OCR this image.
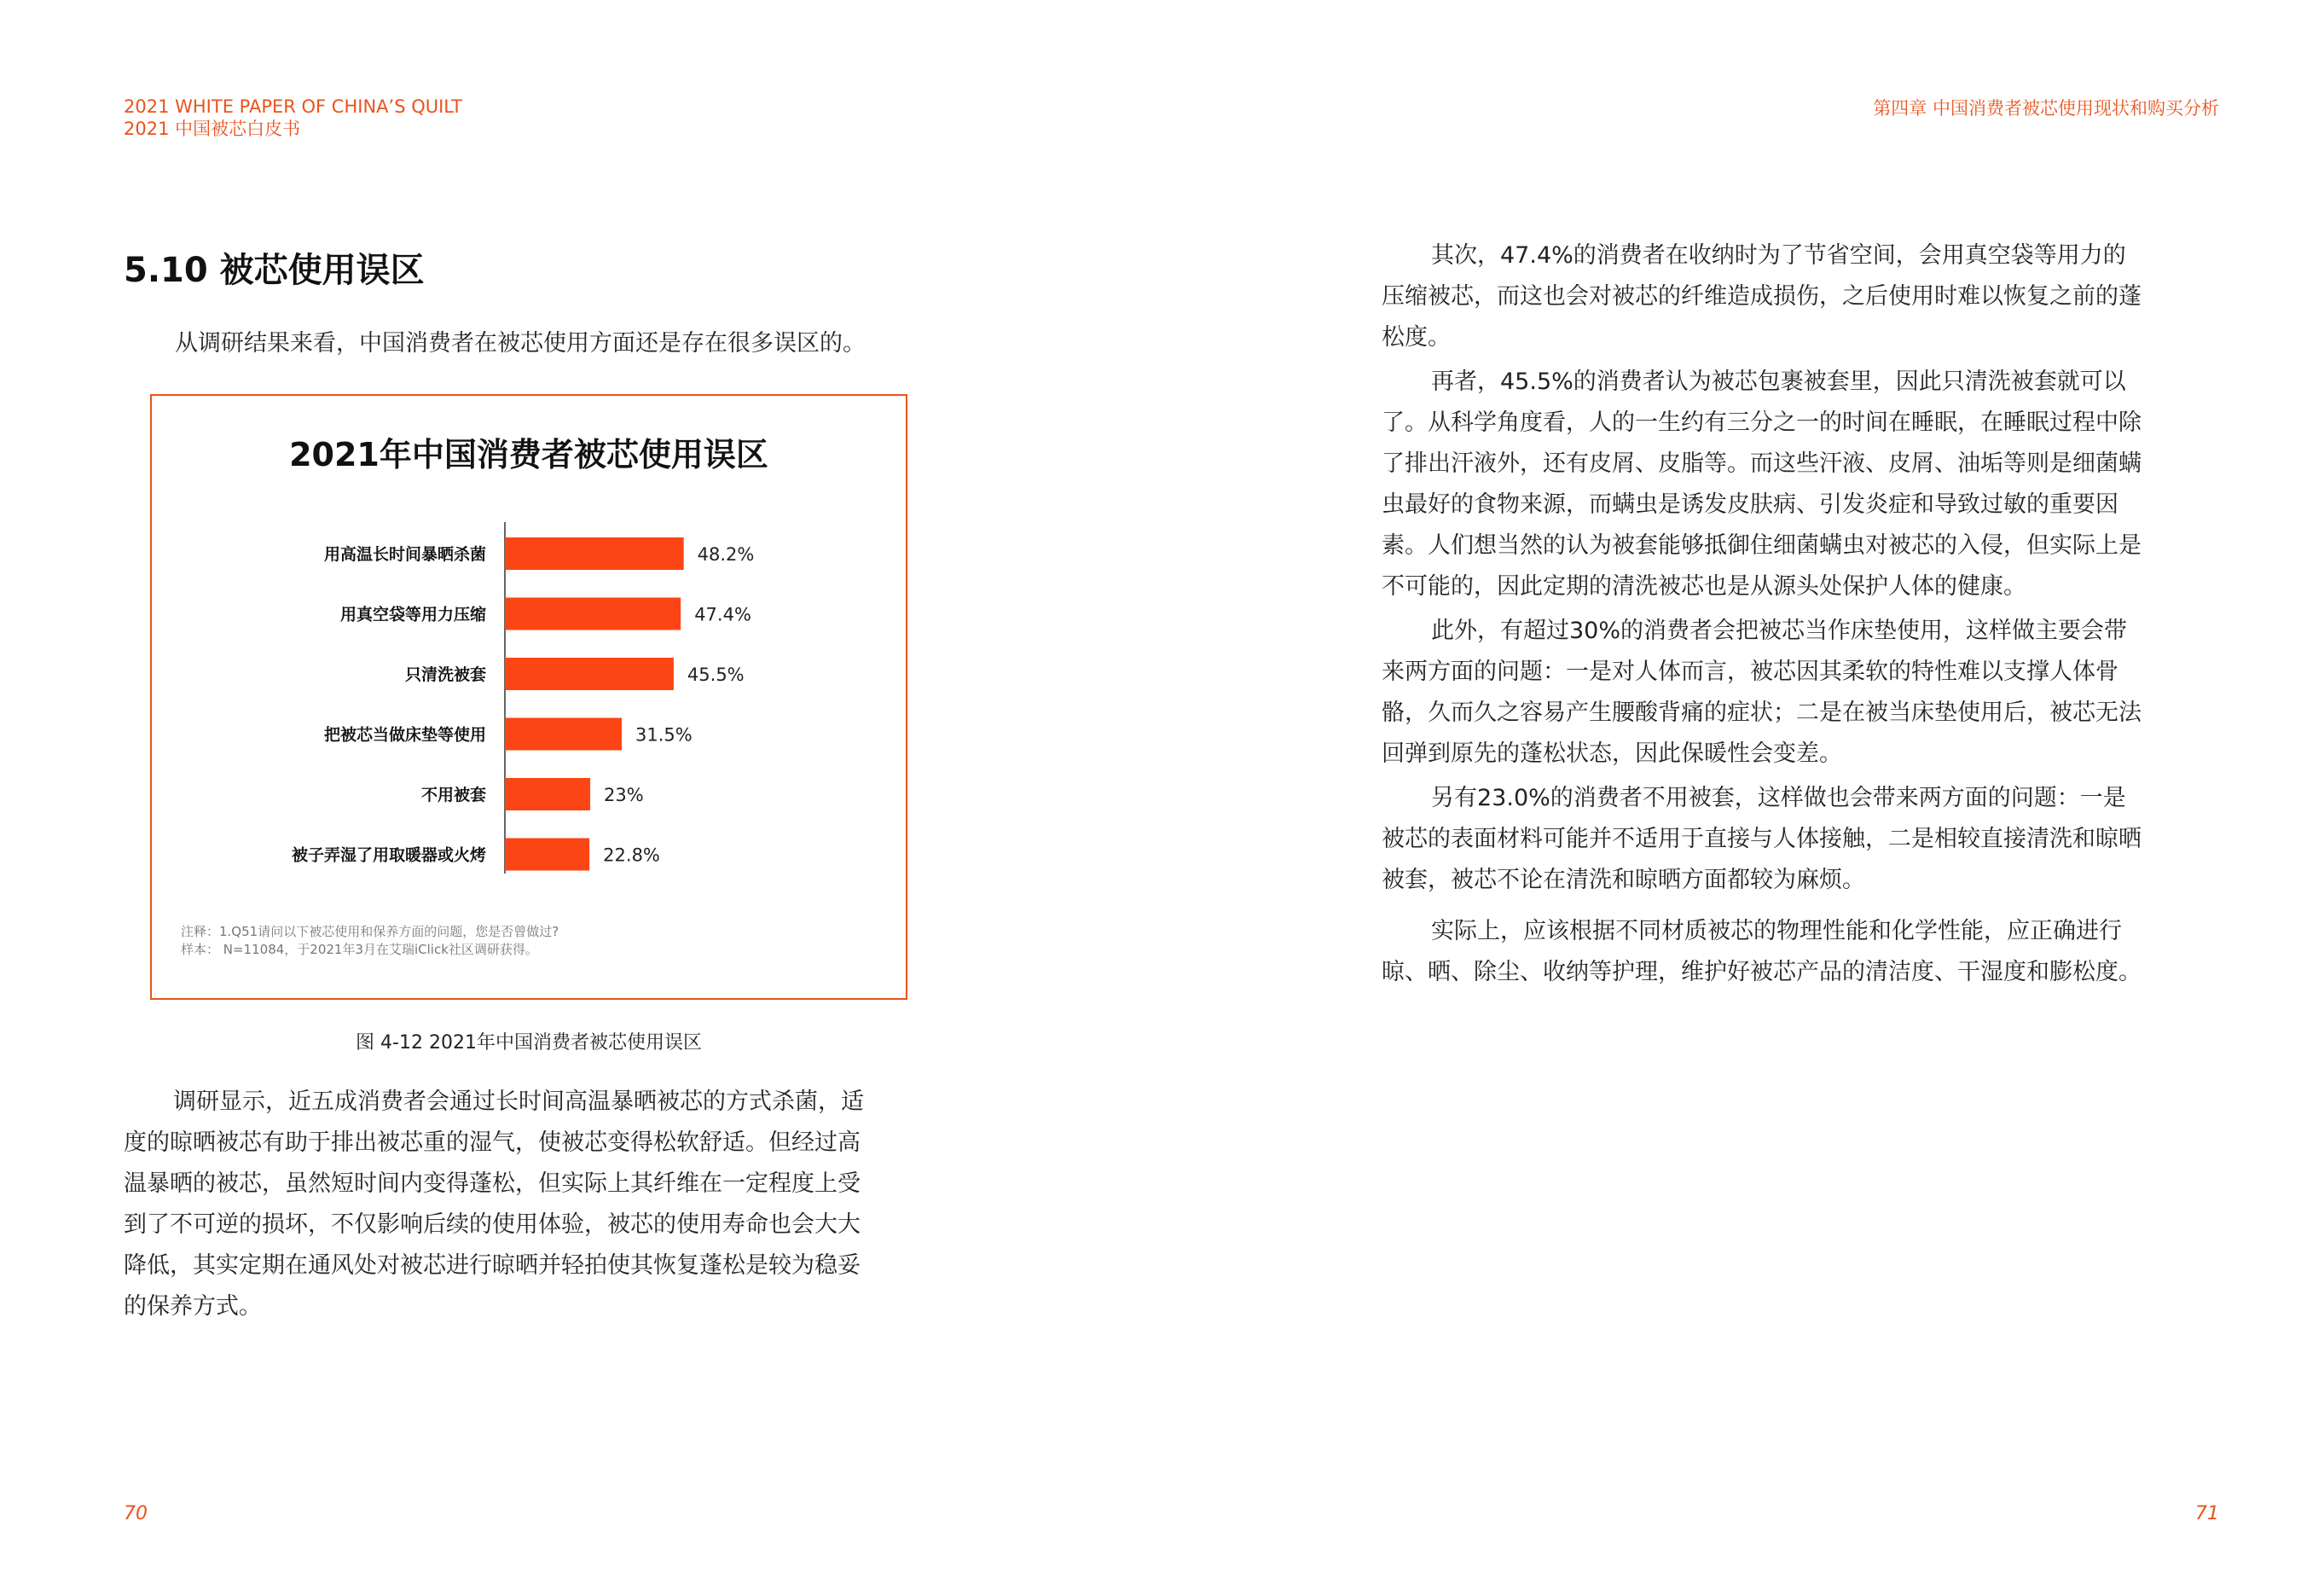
2021 WHITE PAPER OF CHINA’S QUILT
2021 中国被芯白皮书
第四章 中国消费者被芯使用现状和购买分析
5.10 被芯使用误区
从调研结果来看，中国消费者在被芯使用方面还是存在很多误区的。
2021年中国消费者被芯使用误区
用高温长时间暴晒杀菌	48.2%
用真空袋等用力压缩	47.4%
只清洗被套	45.5%
把被芯当做床垫等使用	31.5%
不用被套	23%
被子弄湿了用取暖器或火烤	22.8%
注释：1.Q51请问以下被芯使用和保养方面的问题，您是否曾做过?
样本： N=11084，于2021年3月在艾瑞iClick社区调研获得。
图 4-12 2021年中国消费者被芯使用误区
调研显示，近五成消费者会通过长时间高温暴晒被芯的方式杀菌，适
度的晾晒被芯有助于排出被芯重的湿气，使被芯变得松软舒适。但经过高
温暴晒的被芯，虽然短时间内变得蓬松，但实际上其纤维在一定程度上受
到了不可逆的损坏，不仅影响后续的使用体验，被芯的使用寿命也会大大
降低，其实定期在通风处对被芯进行晾晒并轻拍使其恢复蓬松是较为稳妥
的保养方式。
70
其次，47.4%的消费者在收纳时为了节省空间，会用真空袋等用力的
压缩被芯，而这也会对被芯的纤维造成损伤，之后使用时难以恢复之前的蓬
松度。
再者，45.5%的消费者认为被芯包裹被套里，因此只清洗被套就可以
了。从科学角度看，人的一生约有三分之一的时间在睡眠，在睡眠过程中除
了排出汗液外，还有皮屑、皮脂等。而这些汗液、皮屑、油垢等则是细菌螨
虫最好的食物来源，而螨虫是诱发皮肤病、引发炎症和导致过敏的重要因
素。人们想当然的认为被套能够抵御住细菌螨虫对被芯的入侵，但实际上是
不可能的，因此定期的清洗被芯也是从源头处保护人体的健康。
此外，有超过30%的消费者会把被芯当作床垫使用，这样做主要会带
来两方面的问题：一是对人体而言，被芯因其柔软的特性难以支撑人体骨
骼，久而久之容易产生腰酸背痛的症状；二是在被当床垫使用后，被芯无法
回弹到原先的蓬松状态，因此保暖性会变差。
另有23.0%的消费者不用被套，这样做也会带来两方面的问题：一是
被芯的表面材料可能并不适用于直接与人体接触，二是相较直接清洗和晾晒
被套，被芯不论在清洗和晾晒方面都较为麻烦。
实际上，应该根据不同材质被芯的物理性能和化学性能，应正确进行
晾、晒、除尘、收纳等护理，维护好被芯产品的清洁度、干湿度和膨松度。
71
